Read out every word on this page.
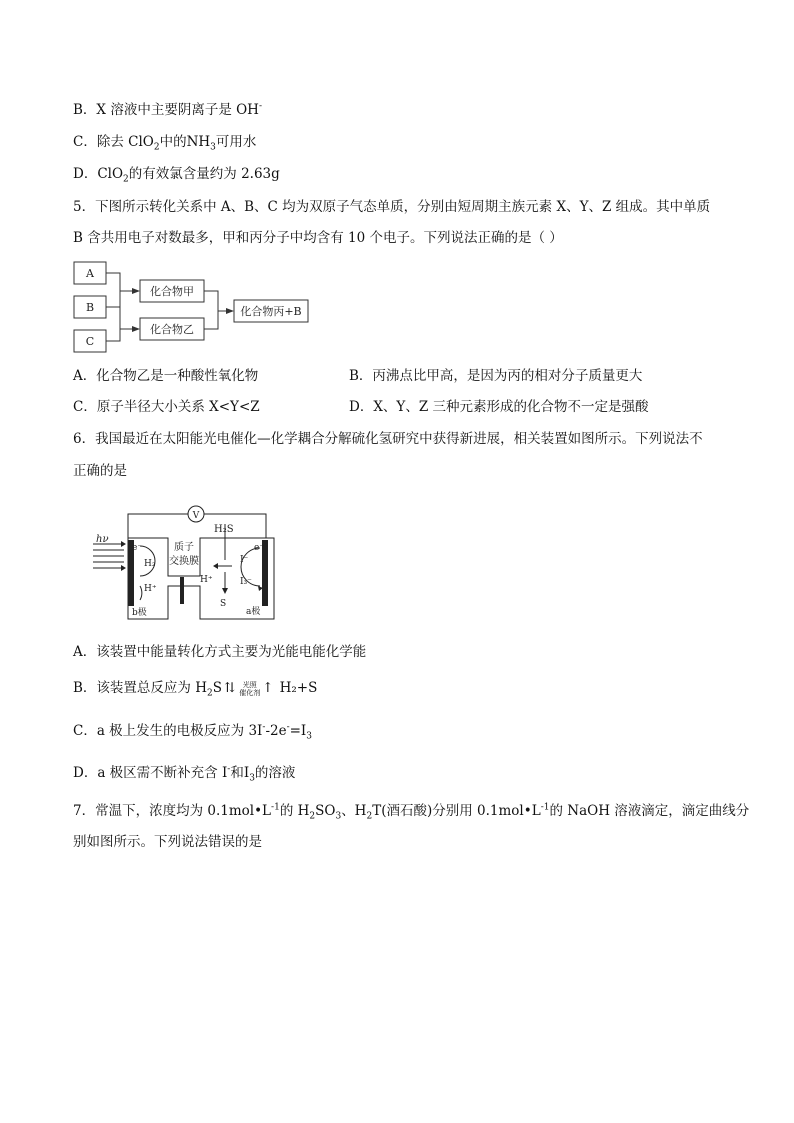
B．X 溶液中主要阴离子是 OH-
C．除去 ClO$_2$中的$NH_3$可用水
D．ClO$_2$的有效氯含量约为 2.63g
5．下图所示转化关系中 A、B、C 均为双原子气态单质，分别由短周期主族元素 X、Y、Z 组成。其中单质
B 含共用电子对数最多，甲和丙分子中均含有 10 个电子。下列说法正确的是（ ）
A
B
C
化合物甲
化合物乙
化合物丙+B
A．化合物乙是一种酸性氧化物	B．丙沸点比甲高，是因为丙的相对分子质量更大
C．原子半径大小关系 X<Y<Z	D．X、Y、Z 三种元素形成的化合物不一定是强酸
6．我国最近在太阳能光电催化—化学耦合分解硫化氢研究中获得新进展，相关装置如图所示。下列说法不
正确的是
hν
V
H₂S
质子
交换膜
e⁻	e⁻
H₂
H⁺
H⁺
S
I⁻
I₃⁻
b极	a极
A．该装置中能量转化方式主要为光能电能化学能
B．该装置总反应为 $H_2S$ ⇅ 光照
催化剂 ↑ H₂+S
C．a 极上发生的电极反应为 $3I^--2e^-=I_3$
D．a 极区需不断补充含 I-和$I_3$的溶液
7．常温下，浓度均为 $0.1mol•L^{-1}$的 $H_2SO_3$、$H_2T$(酒石酸)分别用 $0.1mol•L^{-1}$的 NaOH 溶液滴定，滴定曲线分
别如图所示。下列说法错误的是
